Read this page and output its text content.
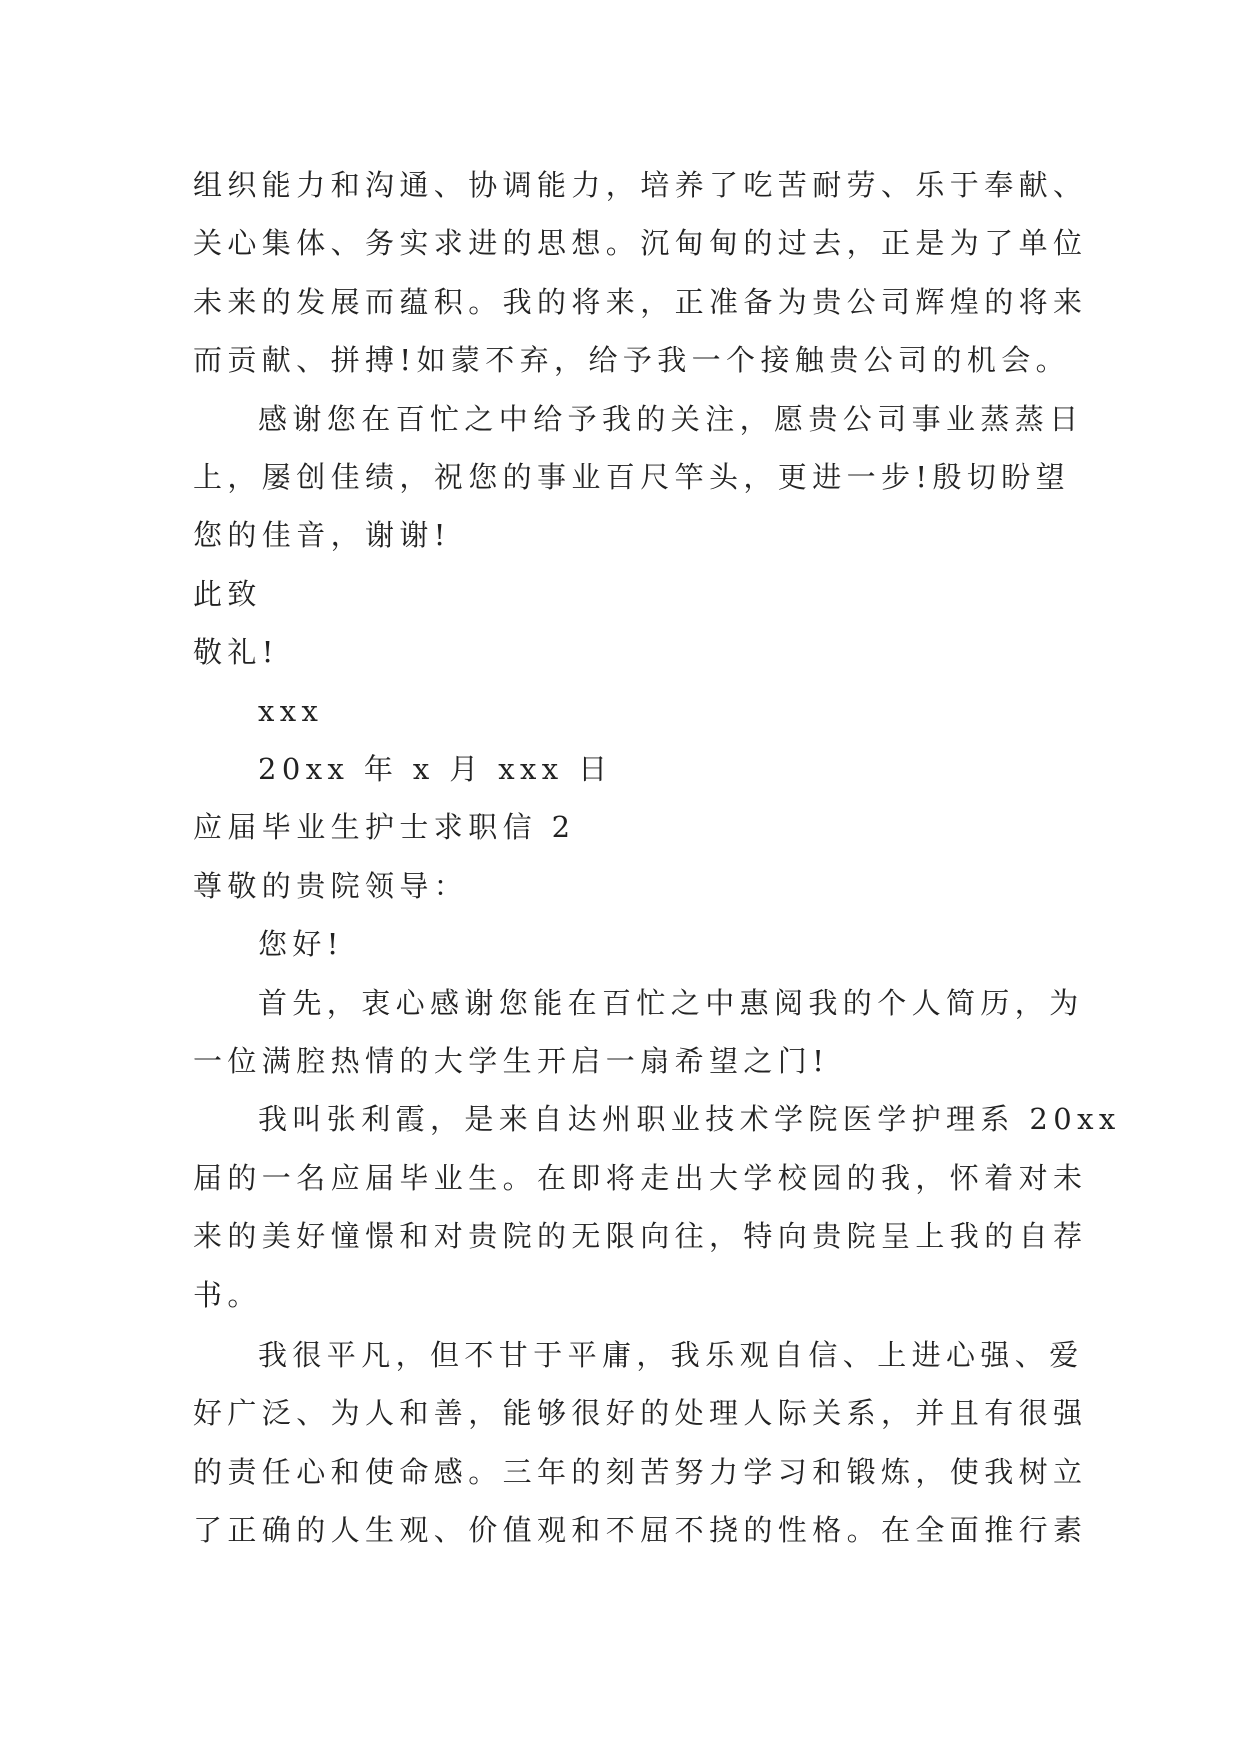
组织能力和沟通、协调能力，培养了吃苦耐劳、乐于奉献、
关心集体、务实求进的思想。沉甸甸的过去，正是为了单位
未来的发展而蕴积。我的将来，正准备为贵公司辉煌的将来
而贡献、拼搏!如蒙不弃，给予我一个接触贵公司的机会。
感谢您在百忙之中给予我的关注，愿贵公司事业蒸蒸日
上，屡创佳绩，祝您的事业百尺竿头，更进一步!殷切盼望
您的佳音，谢谢!
此致
敬礼!
xxx
20xx 年 x 月 xxx 日
应届毕业生护士求职信 2
尊敬的贵院领导：
您好!
首先，衷心感谢您能在百忙之中惠阅我的个人简历，为
一位满腔热情的大学生开启一扇希望之门!
我叫张利霞，是来自达州职业技术学院医学护理系 20xx
届的一名应届毕业生。在即将走出大学校园的我，怀着对未
来的美好憧憬和对贵院的无限向往，特向贵院呈上我的自荐
书。
我很平凡，但不甘于平庸，我乐观自信、上进心强、爱
好广泛、为人和善，能够很好的处理人际关系，并且有很强
的责任心和使命感。三年的刻苦努力学习和锻炼，使我树立
了正确的人生观、价值观和不屈不挠的性格。在全面推行素
